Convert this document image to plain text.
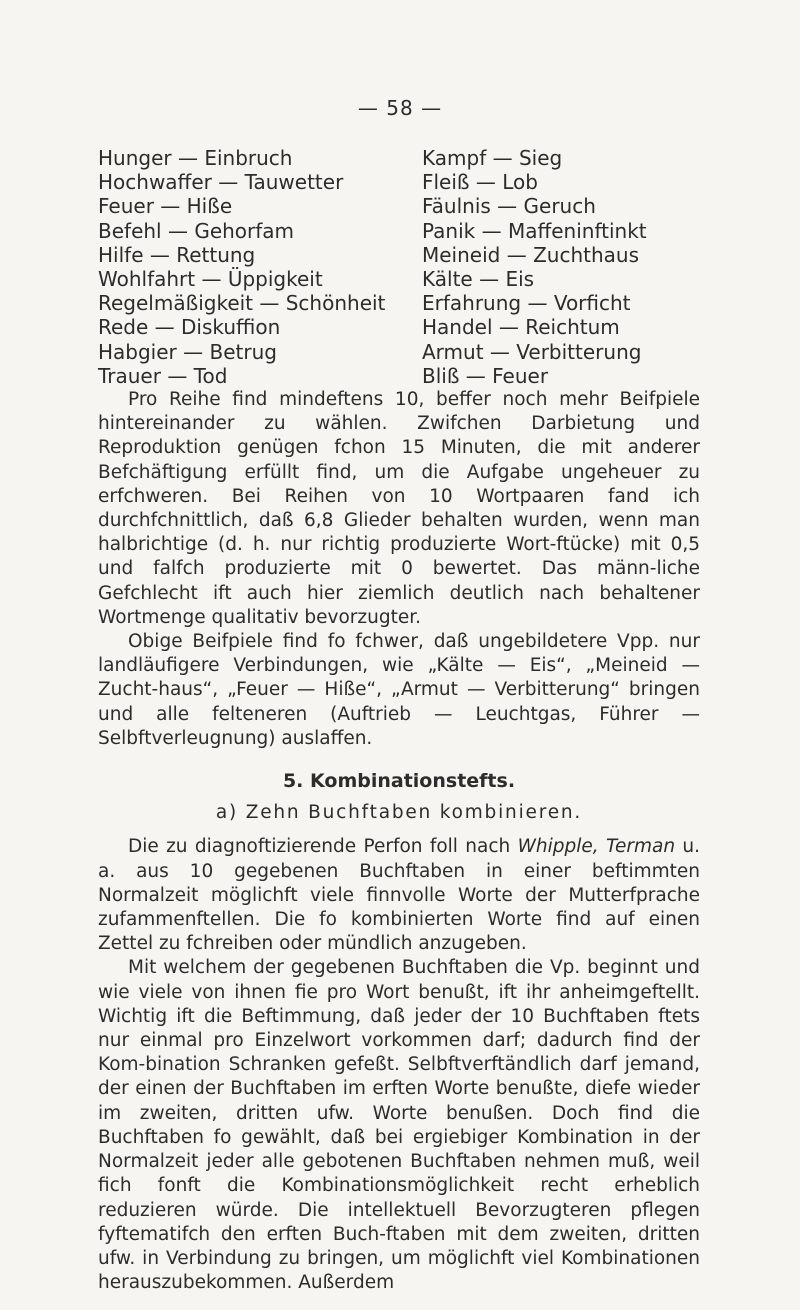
— 58 —
Hunger — Einbruch
Hochwaffer — Tauwetter
Feuer — Hiße
Befehl — Gehorfam
Hilfe — Rettung
Wohlfahrt — Üppigkeit
Regelmäßigkeit — Schönheit
Rede — Diskuffion
Habgier — Betrug
Trauer — Tod
Kampf — Sieg
Fleiß — Lob
Fäulnis — Geruch
Panik — Maffeninftinkt
Meineid — Zuchthaus
Kälte — Eis
Erfahrung — Vorficht
Handel — Reichtum
Armut — Verbitterung
Bliß — Feuer

Pro Reihe find mindeftens 10, beffer noch mehr Beifpiele hintereinander zu wählen. Zwifchen Darbietung und Reproduktion genügen fchon 15 Minuten, die mit anderer Befchäftigung erfüllt find, um die Aufgabe ungeheuer zu erfchweren. Bei Reihen von 10 Wortpaaren fand ich durchfchnittlich, daß 6,8 Glieder behalten wurden, wenn man halbrichtige (d. h. nur richtig produzierte Wort-ftücke) mit 0,5 und falfch produzierte mit 0 bewertet. Das männ-liche Gefchlecht ift auch hier ziemlich deutlich nach behaltener Wortmenge qualitativ bevorzugter.

Obige Beifpiele find fo fchwer, daß ungebildetere Vpp. nur landläufigere Verbindungen, wie „Kälte — Eis“, „Meineid — Zucht-haus“, „Feuer — Hiße“, „Armut — Verbitterung“ bringen und alle felteneren (Auftrieb — Leuchtgas, Führer — Selbftverleugnung) auslaffen.

5. Kombinationstefts.
a) Zehn Buchftaben kombinieren.

Die zu diagnoftizierende Perfon foll nach Whipple, Terman u. a. aus 10 gegebenen Buchftaben in einer beftimmten Normalzeit möglichft viele finnvolle Worte der Mutterfprache zufammenftellen. Die fo kombinierten Worte find auf einen Zettel zu fchreiben oder mündlich anzugeben.

Mit welchem der gegebenen Buchftaben die Vp. beginnt und wie viele von ihnen fie pro Wort benußt, ift ihr anheimgeftellt. Wichtig ift die Beftimmung, daß jeder der 10 Buchftaben ftets nur einmal pro Einzelwort vorkommen darf; dadurch find der Kom-bination Schranken gefeßt. Selbftverftändlich darf jemand, der einen der Buchftaben im erften Worte benußte, diefe wieder im zweiten, dritten ufw. Worte benußen. Doch find die Buchftaben fo gewählt, daß bei ergiebiger Kombination in der Normalzeit jeder alle gebotenen Buchftaben nehmen muß, weil fich fonft die Kombinationsmöglichkeit recht erheblich reduzieren würde. Die intellektuell Bevorzugteren pflegen fyftematifch den erften Buch-ftaben mit dem zweiten, dritten ufw. in Verbindung zu bringen, um möglichft viel Kombinationen herauszubekommen. Außerdem
